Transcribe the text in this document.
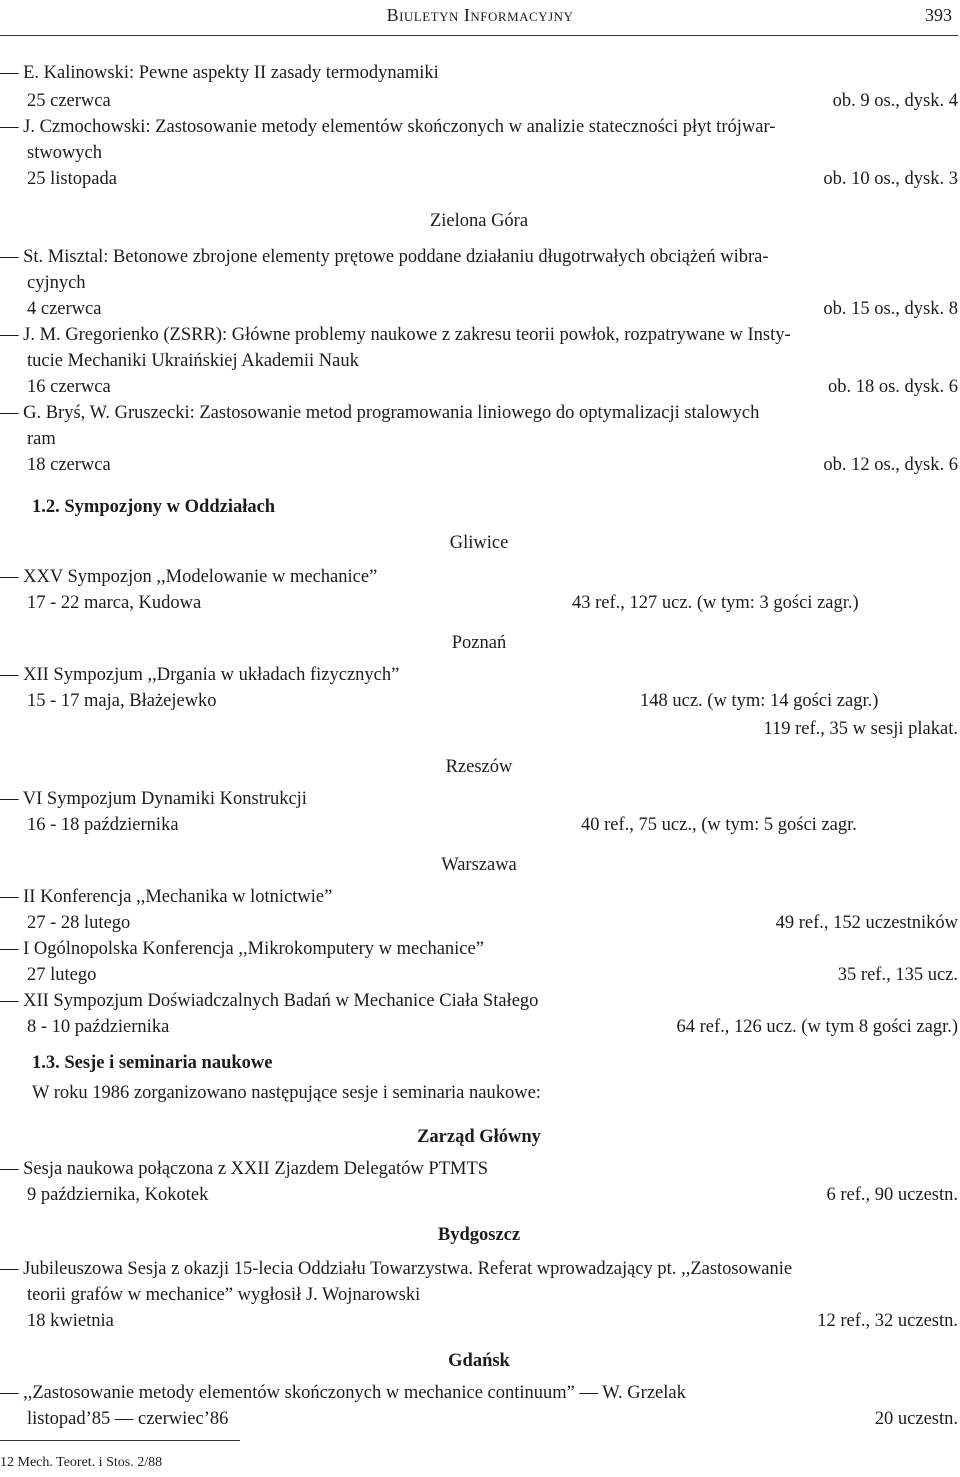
Biuletyn Informacyjny	393
— E. Kalinowski: Pewne aspekty II zasady termodynamiki
25 czerwca	ob. 9 os., dysk. 4
— J. Czmochowski: Zastosowanie metody elementów skończonych w analizie stateczności płyt trójwar-
stwowych
25 listopada	ob. 10 os., dysk. 3
Zielona Góra
— St. Misztal: Betonowe zbrojone elementy prętowe poddane działaniu długotrwałych obciążeń wibra-
cyjnych
4 czerwca	ob. 15 os., dysk. 8
— J. M. Gregorienko (ZSRR): Główne problemy naukowe z zakresu teorii powłok, rozpatrywane w Insty-
tucie Mechaniki Ukraińskiej Akademii Nauk
16 czerwca	ob. 18 os. dysk. 6
— G. Bryś, W. Gruszecki: Zastosowanie metod programowania liniowego do optymalizacji stalowych
ram
18 czerwca	ob. 12 os., dysk. 6
1.2. Sympozjony w Oddziałach
Gliwice
— XXV Sympozjon ,,Modelowanie w mechanice”
17 - 22 marca, Kudowa	43 ref., 127 ucz. (w tym: 3 gości zagr.)
Poznań
— XII Sympozjum ,,Drgania w układach fizycznych”
15 - 17 maja, Błażejewko	148 ucz. (w tym: 14 gości zagr.)
119 ref., 35 w sesji plakat.
Rzeszów
— VI Sympozjum Dynamiki Konstrukcji
16 - 18 października	40 ref., 75 ucz., (w tym: 5 gości zagr.
Warszawa
— II Konferencja ,,Mechanika w lotnictwie”
27 - 28 lutego	49 ref., 152 uczestników
— I Ogólnopolska Konferencja ,,Mikrokomputery w mechanice”
27 lutego	35 ref., 135 ucz.
— XII Sympozjum Doświadczalnych Badań w Mechanice Ciała Stałego
8 - 10 października	64 ref., 126 ucz. (w tym 8 gości zagr.)
1.3. Sesje i seminaria naukowe
W roku 1986 zorganizowano następujące sesje i seminaria naukowe:
Zarząd Główny
— Sesja naukowa połączona z XXII Zjazdem Delegatów PTMTS
9 października, Kokotek	6 ref., 90 uczestn.
Bydgoszcz
— Jubileuszowa Sesja z okazji 15-lecia Oddziału Towarzystwa. Referat wprowadzający pt. ,,Zastosowanie
teorii grafów w mechanice” wygłosił J. Wojnarowski
18 kwietnia	12 ref., 32 uczestn.
Gdańsk
— ,,Zastosowanie metody elementów skończonych w mechanice continuum” — W. Grzelak
listopad’85 — czerwiec’86	20 uczestn.
12 Mech. Teoret. i Stos. 2/88
